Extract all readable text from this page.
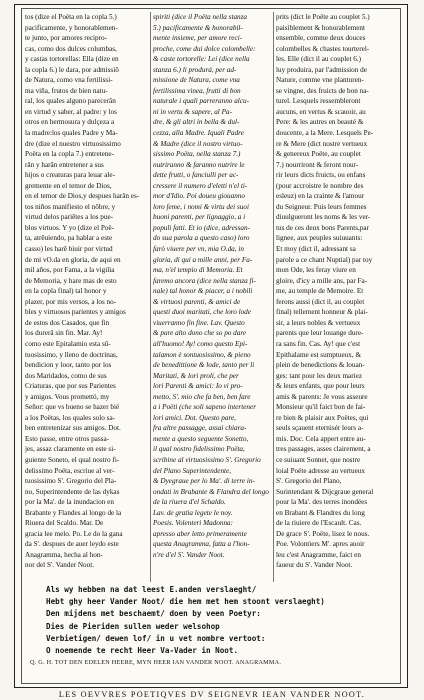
tos (dize el Poëta en la copla 5.)
pacificamente, y honorablemen-
te junto, por amores recipro-
cas, como dos dulces columbas,
y castas tortorellas: Ella (dize en
la copla 6.) le dara, por admissiõ
de Natura, como vna fertilissi-
ma viña, frutos de bien natu-
ral, los quales alguno parecerân
en virtud y saber, al padre: y los
otros en hermosura y dulçeza a
la madre:los quales Padre y Ma-
dre (dize el nuestro virtuosissimo
Poëta en la copla 7.) entretene-
rân y harân entretener a sus
hijos o creaturas para leuar ale-
gremente en el temor de Dios,
en el temor de Dios,y despues harân es-
tos niños manifiesto el nôbre, y
virtud delos pariêtes a los pue-
blos virtuos. Y yo (dize el Poë-
ta, atrêuiendo, pa hablar a este
casso) les harê biuir por virtud
de mi vO.da en gloria, de aqui en
mil años, por Fama, a la vigilia
de Memoria, y hare mas de esto
en la copla final) tal honor y
plazer, por mis versos, a los no-
bles y virtuosos parientes y amigos
de estos dos Casados, que fin
los durerâ sin fin. Mar. Ay!
como este Epitalamio esta sû-
tuosissimo, y lleno de doctrinas,
bendicion y loor, tanto por los
dos Maridados, como de sus
Criaturas, que por sus Parientes
y amigos. Vous promettó, my
Señor: que vs bueno se hazer bié
a los Poëtas, los quales solo sa-
ben entretenizar sus amigos. Dot.
Esto passe, entre otros passa-
jes, assaz claramente en este si-
guiente Soneto, el qual nostro fi-
delissimo Poëta, escriue al ver-
tuosissimo S'. Gregorio del Pla-
no, Superintendente de las dykas
por la Ma'. de la inundacion en
Brabante y Flandes al longo de la
Riuera del Scaldo. Mar. De
gracia lee melo. Po. Le do la gana
da S'. despues de auer leydo este
Anagramma, hecha al hon-
nor del S'. Vander Noot.
spiriti (dice il Poëta nella stanza
5.) pacificamente & honorabil-
mente insieme, per amore reci-
proche, come dui dolce colombelle:
& caste tortorelle: Lei (dice nella
stanza 6.) li produrá, per ad-
missione de Natura, come vna
fertilissima vinea, frutti di bon
naturale i quali parreranno alcu-
ni in vertu & sapere, al Pa-
dre, & gli altri in bella & dul-
cezza, alla Madre. Iquali Padre
& Madre (dice il nostro virtuo-
sissimo Poëta, nella stanza 7.)
nutriranno & faranno nutrire le
dette frutti, o fanciulli per ac-
cressere il numero d'eletti n'el ti-
mor d'Idio. Poi doueu giouanno
loro feme, i nomi & virtu dei suoi
buoni parenti, per lignaggio, a i
populi fatti. Et io (dice, adressan-
do sua parola a questo caso) loro
farò viuere per vn, mia O.da, in
gloria, di qui a mille anni, per Fa-
ma, n'el tempio di Memoria. Et
faremo ancora (dice nella stanza fi-
nale) tal honor & piacer, a i nobili
& virtuosi parenti, & amici de
questi duoi maritati, che loro lode
viuerranno fin fine. Lav. Questo
& pure alto dono che so po dare
all'huomo! Ay! como questo Epi-
talamon è sontuosissimo, & pieno
de benedittione & lode, tanto per li
Maritati, & lori proli, che per
lori Parenti & amici: Io vi pro-
metto, S'. mio che fa ben, ben fare
a i Poëti (che soli sapeno intertener
lori amici. Dot. Questo pare,
fra altre passagge, assai chiara-
mente a questo seguente Sonetto,
il qual nostro fidelissimo Poëta,
scribine al virtuosissimo S'. Gregorio
del Plano Superintendente,
& Dyegraue per lo Ma'. di terre in-
ondati in Brabante & Flandra del longo
de la riuera d'el Schaldo.
Lav. de gratia legete le noy.
Poesis. Volenteri Madonna:
apresso aber letto primeramente
questa Anagramma, fatta a l'hon-
n're d'el S'. Vander Noot.
prits (dict le Poëte au couplet 5.)
paisiblement & honorablement
ensemble, comme deux douces
colombelles & chastes tourterel-
les. Elle (dict il au couplet 6.)
luy produira, par l'admission de
Nature, comme vne planturen-
se vingne, des fruicts de bon na-
turel. Lesquels ressembleront
aucuns, en vertus & scauoir, au
Pere: & les autres en beauté &
doucente, a la Mere. Lesquels Pe-
re & Mere (dict nostre vertueux
& genereux Poëte, au couplet
7.) nourriront & feront nour-
rir leurs dicts fruicts, ou enfans
(pour accroistre le nombre des
esleuz) en la crainte & l'amour
du Seigneur. Puis leurs femmes
diuulgueront les noms & les ver-
tus de ces deux bons Parents,par
lignee, aux peuples suiuuants:
Et moy (dict il, adressant sa
parole a ce chant Nuptial) par toy
mon Ode, les feray viure en
gloire, d'icy a mille ans, par Fa-
me, au temple de Memoire. Et
ferons aussi (dict il, au couplet
final) tellement honneur & plai-
sir, a leurs nobles & vertueux
parents que leur louange dure-
ra sans fin. Cas. Ay! que c'est
Epithalame est sumptueux, &
plein de benedictions & louan-
ges: tant pour les deux mariez
& leurs enfants, que pour leurs
amis & parents: Je vous asseure
Monsieur qu'il faict bon de fai-
re bien & plaisir aux Poëtes, qui
seuls sçauent eternisér leurs a-
mis. Doc. Cela appert entre au-
tres passages, asses clairement, a
ce suiuant Sonnet, que nostre
loial Poëte adresse au vertueux
S'. Gregorio del Plano,
Surintendant & Dijcgraue general
pour la Ma'. des terres inondées
en Brabant & Flandres du long
de la riuiere de l'Escault. Cas.
De grace S'. Poëte, lisez le nous.
Poe. Volontiers M'. apres auoir
leu c'est Anagramme, faict en
faueur du S'. Vander Noot.
Als wy hebben na dat leest E.anden verslaeght/
Hebt ghy heer Vander Noot/ die hem met hem stoont verslaeght)
Den mijdens met beschaemt/ doen by veen Poetyr:
Dies de Pieriden sullen weder welsohop
Verbietigen/ dewen lof/ in u vet nombre vertoot:
O noemende te recht Heer Va-Vader in Noot.
Q. G. H. TOT DEN EDELEN HEERE, MYN HEER IAN VANDER NOOT. ANAGRAMMA.
LES OEVVRES POETIQVES DV SEIGNEVR IEAN VANDER NOOT.
